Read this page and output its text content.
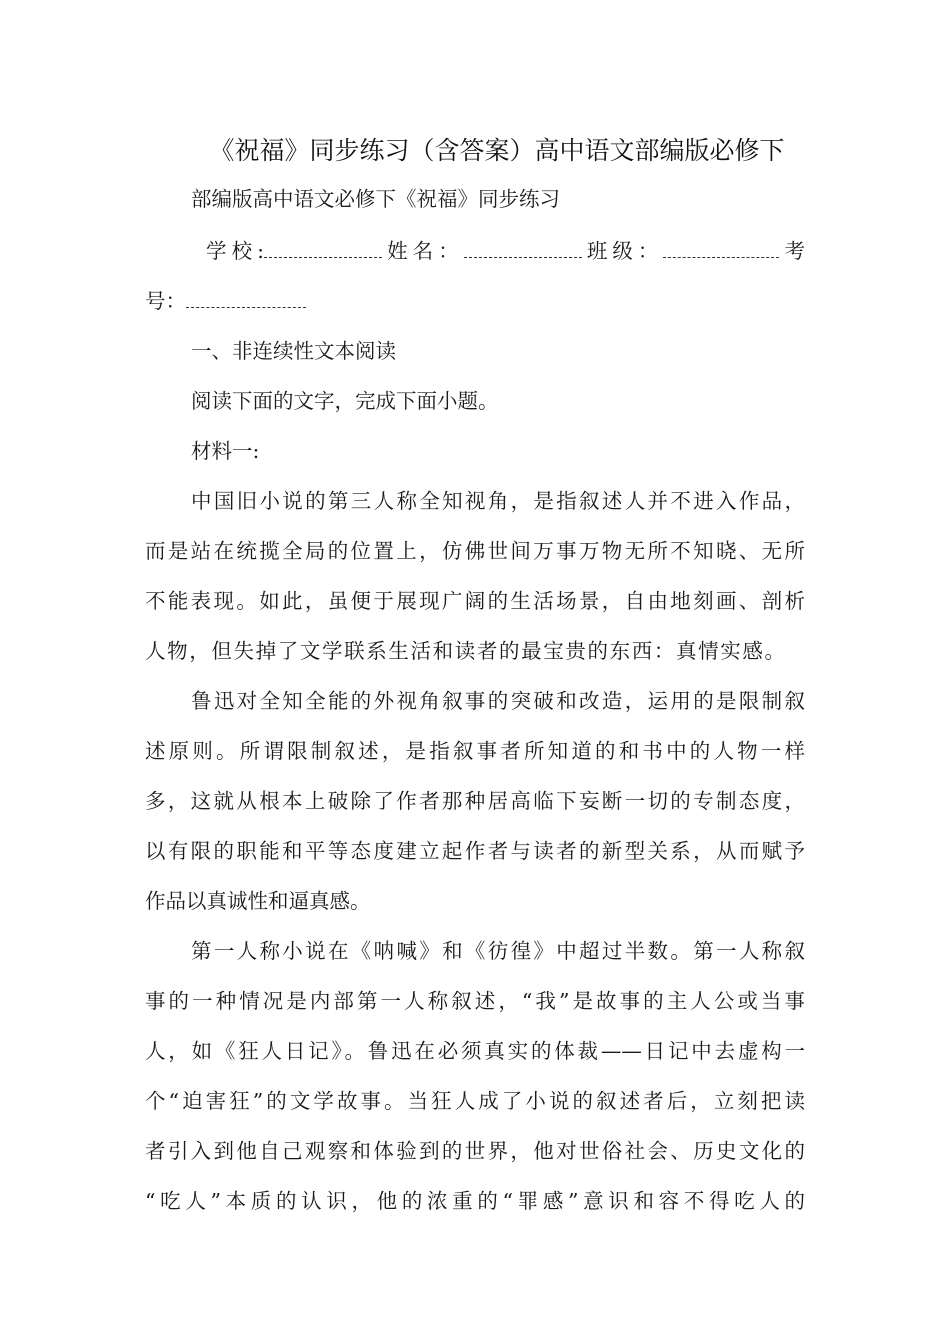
《祝福》同步练习（含答案）高中语文部编版必修下
部编版高中语文必修下《祝福》同步练习
学校:	姓名：	班级：	考
号：
一、非连续性文本阅读
阅读下面的文字，完成下面小题。
材料一:
中国旧小说的第三人称全知视角，是指叙述人并不进入作品，
而是站在统揽全局的位置上，仿佛世间万事万物无所不知晓、无所
不能表现。如此，虽便于展现广阔的生活场景，自由地刻画、剖析
人物，但失掉了文学联系生活和读者的最宝贵的东西：真情实感。
鲁迅对全知全能的外视角叙事的突破和改造，运用的是限制叙
述原则。所谓限制叙述，是指叙事者所知道的和书中的人物一样
多，这就从根本上破除了作者那种居高临下妄断一切的专制态度，
以有限的职能和平等态度建立起作者与读者的新型关系，从而赋予
作品以真诚性和逼真感。
第一人称小说在《呐喊》和《彷徨》中超过半数。第一人称叙
事的一种情况是内部第一人称叙述，“我”是故事的主人公或当事
人，如《狂人日记》。鲁迅在必须真实的体裁——日记中去虚构一
个“迫害狂”的文学故事。当狂人成了小说的叙述者后，立刻把读
者引入到他自己观察和体验到的世界，他对世俗社会、历史文化的
“吃人”本质的认识，他的浓重的“罪感”意识和容不得吃人的
